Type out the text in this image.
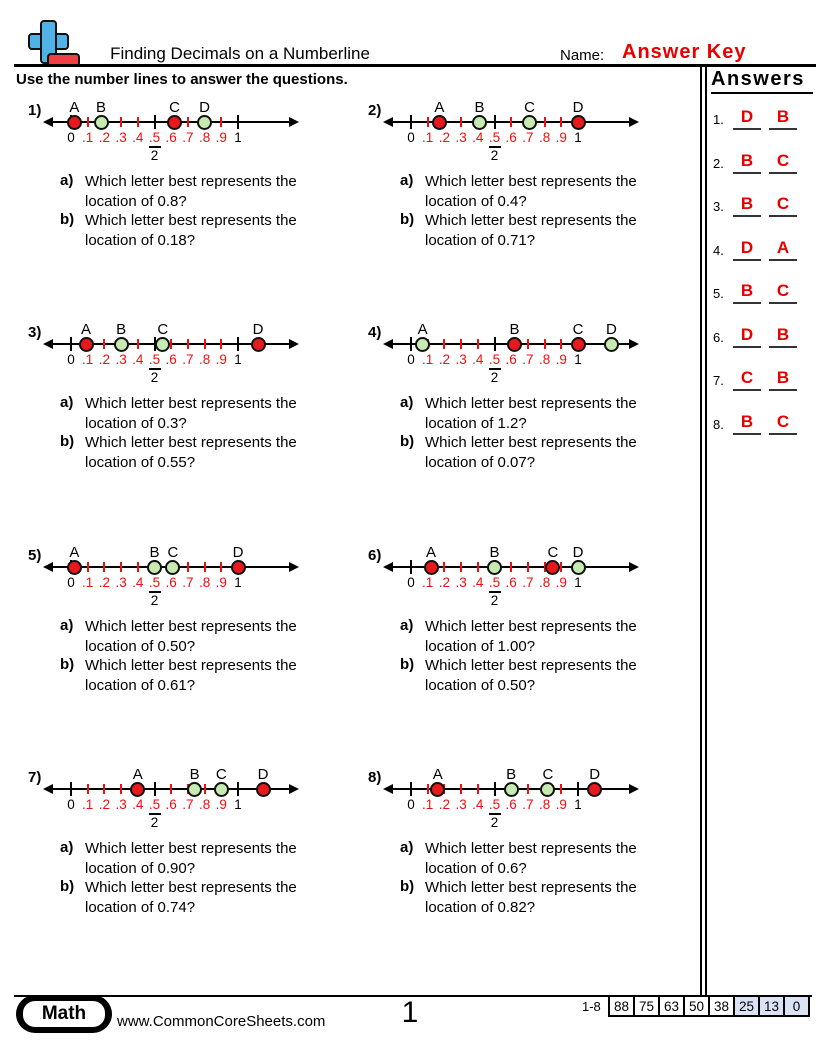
Finding Decimals on a Numberline	Name: Answer Key
Use the number lines to answer the questions.
1)
0 .1 .2 .3 .4 .5
2
.6 .7 .8 .9 1
A B	C D
a) Which letter best represents the
location of 0.8?
b) Which letter best represents the
location of 0.18?
2)
0 .1 .2 .3 .4 .5
2
.6 .7 .8 .9 1
A B	C	D
a) Which letter best represents the
location of 0.4?
b) Which letter best represents the
location of 0.71?
3)
0 .1 .2 .3 .4 .5
2
.6 .7 .8 .9 1
A B C	D
a) Which letter best represents the
location of 0.3?
b) Which letter best represents the
location of 0.55?
4)
0 .1 .2 .3 .4 .5
2
.6 .7 .8 .9 1
A	B	C D
a) Which letter best represents the
location of 1.2?
b) Which letter best represents the
location of 0.07?
5)
0 .1 .2 .3 .4 .5
2
.6 .7 .8 .9 1
A	B C	D
a) Which letter best represents the
location of 0.50?
b) Which letter best represents the
location of 0.61?
6)
0 .1 .2 .3 .4 .5
2
.6 .7 .8 .9 1
A	B	C D
a) Which letter best represents the
location of 1.00?
b) Which letter best represents the
location of 0.50?
7)
0 .1 .2 .3 .4 .5
2
.6 .7 .8 .9 1
A	B C D
a) Which letter best represents the
location of 0.90?
b) Which letter best represents the
location of 0.74?
8)
0 .1 .2 .3 .4 .5
2
.6 .7 .8 .9 1
A	B C D
a) Which letter best represents the
location of 0.6?
b) Which letter best represents the
location of 0.82?
Answers
1.	D	B
2.	B	C
3.	B	C
4.	D	A
5.	B	C
6.	D	B
7.	C	B
8.	B	C
Math	www.CommonCoreSheets.com	1	1-8 88 75 63 50 38 25 13	0
